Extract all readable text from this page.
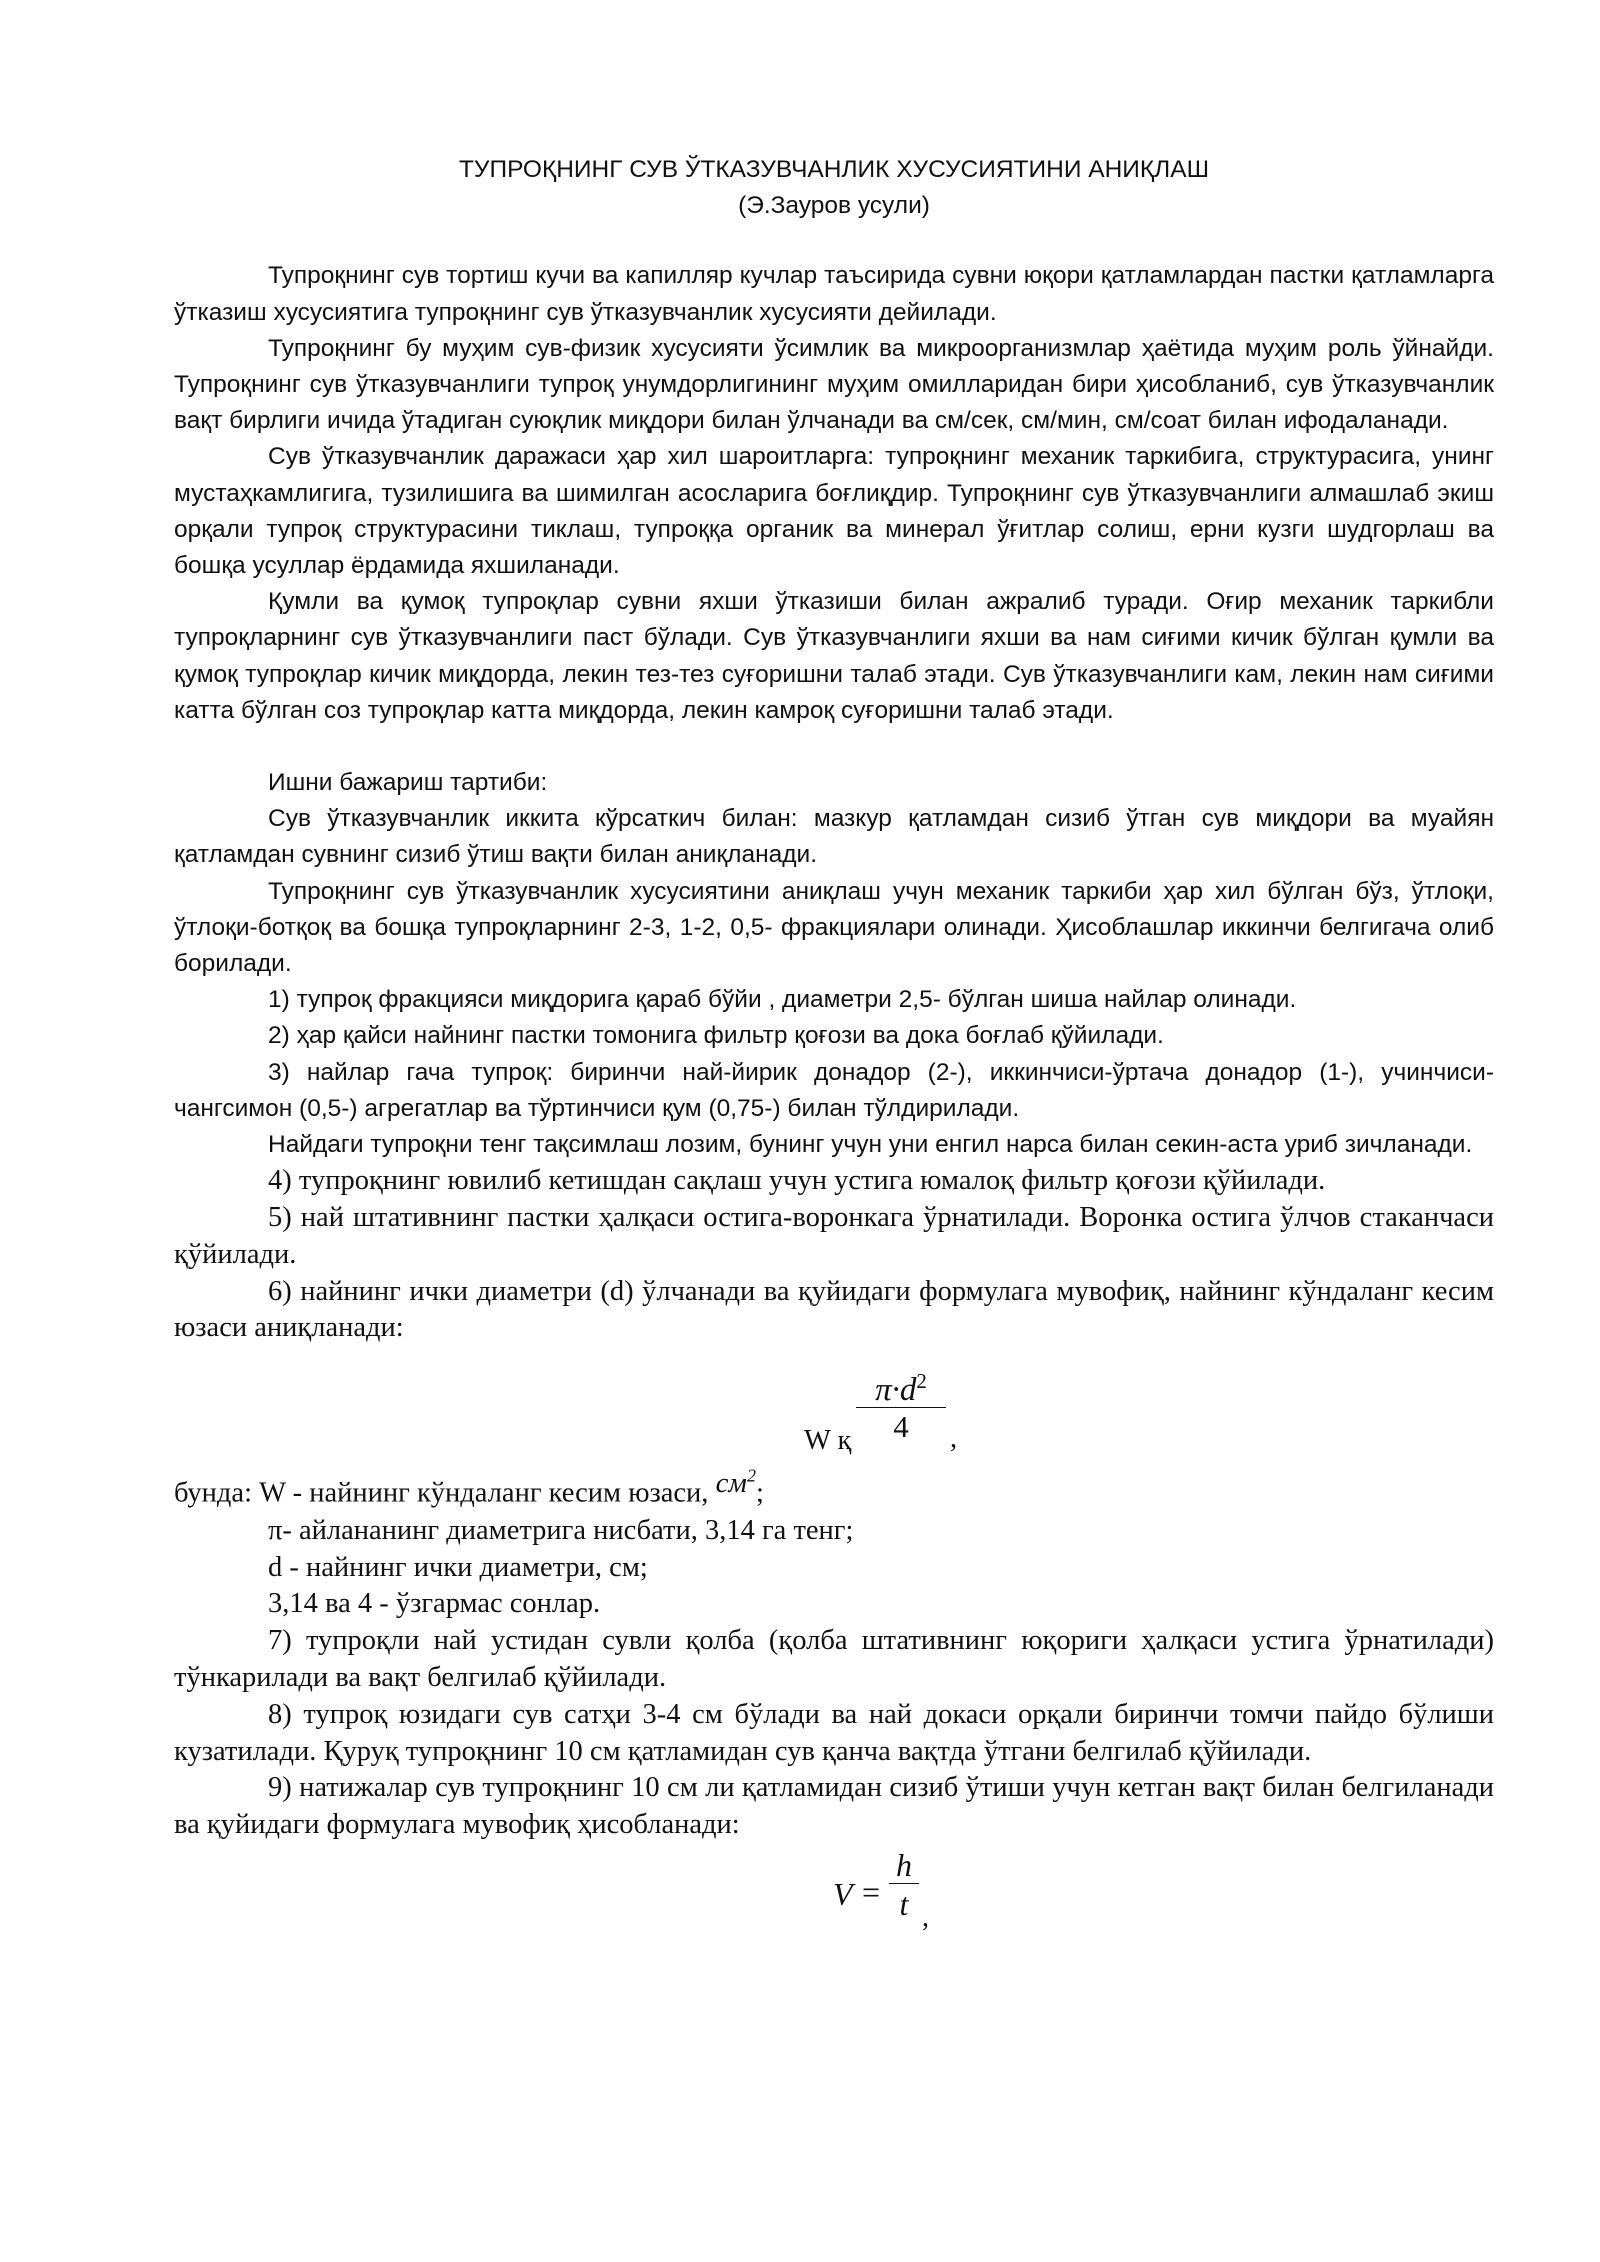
ТУПРОҚНИНГ СУВ ЎТКАЗУВЧАНЛИК ХУСУСИЯТИНИ АНИҚЛАШ
(Э.Зауров усули)

Тупроқнинг сув тортиш кучи ва капилляр кучлар таъсирида сувни юқори қатламлардан пастки қатламларга ўтказиш хусусиятига тупроқнинг сув ўтказувчанлик хусусияти дейилади.

Тупроқнинг бу муҳим сув-физик хусусияти ўсимлик ва микроорганизмлар ҳаётида муҳим роль ўйнайди. Тупроқнинг сув ўтказувчанлиги тупроқ унумдорлигининг муҳим омилларидан бири ҳисобланиб, сув ўтказувчанлик вақт бирлиги ичида ўтадиган суюқлик миқдори билан ўлчанади ва см/сек, см/мин, см/соат билан ифодаланади.

Сув ўтказувчанлик даражаси ҳар хил шароитларга: тупроқнинг механик таркибига, структурасига, унинг мустаҳкамлигига, тузилишига ва шимилган асосларига боғлиқдир. Тупроқнинг сув ўтказувчанлиги алмашлаб экиш орқали тупроқ структурасини тиклаш, тупроққа органик ва минерал ўғитлар солиш, ерни кузги шудгорлаш ва бошқа усуллар ёрдамида яхшиланади.

Қумли ва қумоқ тупроқлар сувни яхши ўтказиши билан ажралиб туради. Оғир механик таркибли тупроқларнинг сув ўтказувчанлиги паст бўлади. Сув ўтказувчанлиги яхши ва нам сиғими кичик бўлган қумли ва қумоқ тупроқлар кичик миқдорда, лекин тез-тез суғоришни талаб этади. Сув ўтказувчанлиги кам, лекин нам сиғими катта бўлган соз тупроқлар катта миқдорда, лекин камроқ суғоришни талаб этади.

Ишни бажариш тартиби:

Сув ўтказувчанлик иккита кўрсаткич билан: мазкур қатламдан сизиб ўтган сув миқдори ва муайян қатламдан сувнинг сизиб ўтиш вақти билан аниқланади.

Тупроқнинг сув ўтказувчанлик хусусиятини аниқлаш учун механик таркиби ҳар хил бўлган бўз, ўтлоқи, ўтлоқи-ботқоқ ва бошқа тупроқларнинг 2-3, 1-2, 0,5- фракциялари олинади. Ҳисоблашлар иккинчи белгигача олиб борилади.

1) тупроқ фракцияси миқдорига қараб бўйи , диаметри 2,5- бўлган шиша найлар олинади.

2) ҳар қайси найнинг пастки томонига фильтр қоғози ва дока боғлаб қўйилади.

3) найлар гача тупроқ: биринчи най-йирик донадор (2-), иккинчиси-ўртача донадор (1-), учинчиси-чангсимон (0,5-) агрегатлар ва тўртинчиси қум (0,75-) билан тўлдирилади.

Найдаги тупроқни тенг тақсимлаш лозим, бунинг учун уни енгил нарса билан секин-аста уриб зичланади.

4) тупроқнинг ювилиб кетишдан сақлаш учун устига юмалоқ фильтр қоғози қўйилади.

5) най штативнинг пастки ҳалқаси остига-воронкага ўрнатилади. Воронка остига ўлчов стаканчаси қўйилади.

6) найнинг ички диаметри (d) ўлчанади ва қуйидаги формулага мувофиқ, найнинг кўндаланг кесим юзаси аниқланади:

W қ
$\pi\cdot d^2$
4	,

бунда: W - найнинг кўндаланг кесим юзаси, $см^2$;

π- айлананинг диаметрига нисбати, 3,14 га тенг;

d - найнинг ички диаметри, см;

3,14 ва 4 - ўзгармас сонлар.

7) тупроқли най устидан сувли қолба (қолба штативнинг юқориги ҳалқаси устига ўрнатилади) тўнкарилади ва вақт белгилаб қўйилади.

8) тупроқ юзидаги сув сатҳи 3-4 см бўлади ва най докаси орқали биринчи томчи пайдо бўлиши кузатилади. Қуруқ тупроқнинг 10 см қатламидан сув қанча вақтда ўтгани белгилаб қўйилади.

9) натижалар сув тупроқнинг 10 см ли қатламидан сизиб ўтиши учун кетган вақт билан белгиланади ва қуйидаги формулага мувофиқ ҳисобланади:

V =
h
t ,
